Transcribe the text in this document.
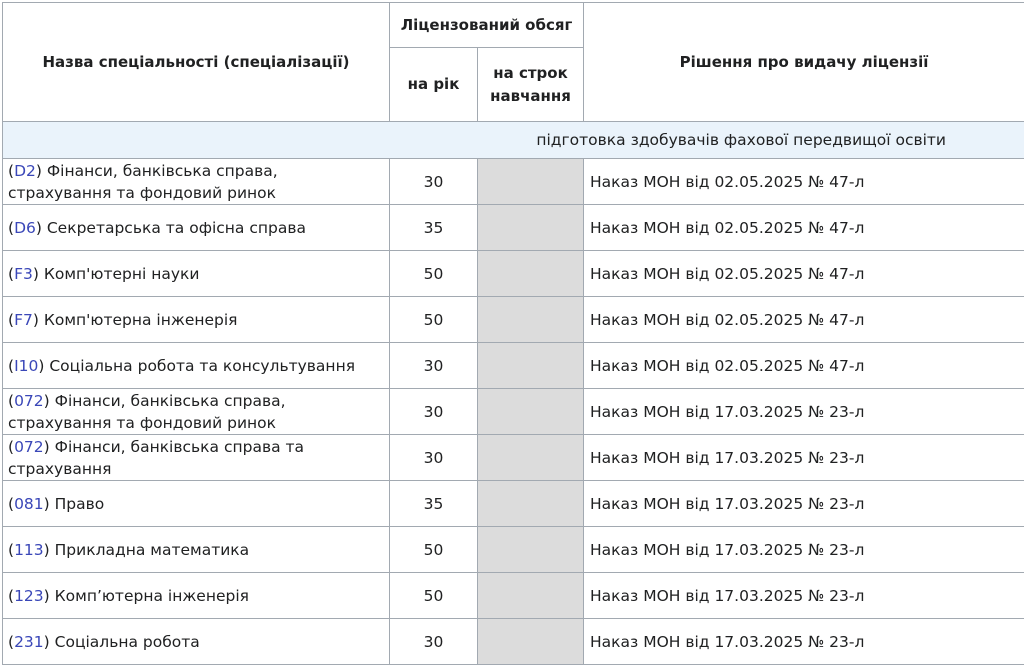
Назва спеціальності (спеціалізації)	Ліцензований обсяг		Рішення про видачу ліцензії
	на рік	на строк
навчання	
підготовка здобувачів фахової передвищої освіти			
(D2) Фінанси, банківська справа,
страхування та фондовий ринок	30		Наказ МОН від 02.05.2025 № 47-л
(D6) Секретарська та офісна справа	35		Наказ МОН від 02.05.2025 № 47-л
(F3) Комп'ютерні науки	50		Наказ МОН від 02.05.2025 № 47-л
(F7) Комп'ютерна інженерія	50		Наказ МОН від 02.05.2025 № 47-л
(I10) Соціальна робота та консультування	30		Наказ МОН від 02.05.2025 № 47-л
(072) Фінанси, банківська справа,
страхування та фондовий ринок	30		Наказ МОН від 17.03.2025 № 23-л
(072) Фінанси, банківська справа та
страхування	30		Наказ МОН від 17.03.2025 № 23-л
(081) Право	35		Наказ МОН від 17.03.2025 № 23-л
(113) Прикладна математика	50		Наказ МОН від 17.03.2025 № 23-л
(123) Комп’ютерна інженерія	50		Наказ МОН від 17.03.2025 № 23-л
(231) Соціальна робота	30		Наказ МОН від 17.03.2025 № 23-л
